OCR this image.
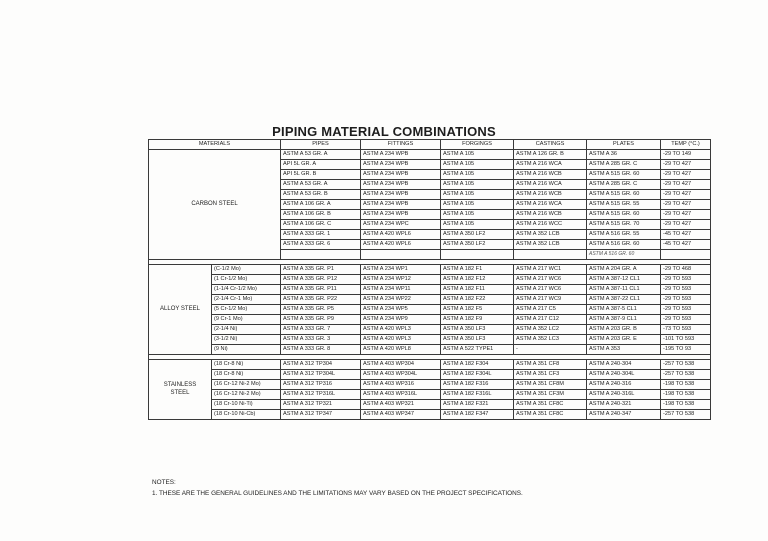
PIPING MATERIAL COMBINATIONS
MATERIALS		PIPES	FITTINGS	FORGINGS	CASTINGS	PLATES	TEMP (°C.)
CARBON STEEL		ASTM A 53 GR. A	ASTM A 234 WPB	ASTM A 105	ASTM A 126 GR. B	ASTM A 36	-29 TO 149
		API 5L GR. A	ASTM A 234 WPB	ASTM A 105	ASTM A 216 WCA	ASTM A 285 GR. C	-29 TO 427
		API 5L GR. B	ASTM A 234 WPB	ASTM A 105	ASTM A 216 WCB	ASTM A 515 GR. 60	-29 TO 427
		ASTM A 53 GR. A	ASTM A 234 WPB	ASTM A 105	ASTM A 216 WCA	ASTM A 285 GR. C	-29 TO 427
		ASTM A 53 GR. B	ASTM A 234 WPB	ASTM A 105	ASTM A 216 WCB	ASTM A 515 GR. 60	-29 TO 427
		ASTM A 106 GR. A	ASTM A 234 WPB	ASTM A 105	ASTM A 216 WCA	ASTM A 515 GR. 55	-29 TO 427
		ASTM A 106 GR. B	ASTM A 234 WPB	ASTM A 105	ASTM A 216 WCB	ASTM A 515 GR. 60	-29 TO 427
		ASTM A 106 GR. C	ASTM A 234 WPC	ASTM A 105	ASTM A 216 WCC	ASTM A 515 GR. 70	-29 TO 427
		ASTM A 333 GR. 1	ASTM A 420 WPL6	ASTM A 350 LF2	ASTM A 352 LCB	ASTM A 516 GR. 55	-45 TO 427
		ASTM A 333 GR. 6	ASTM A 420 WPL6	ASTM A 350 LF2	ASTM A 352 LCB	ASTM A 516 GR. 60	-45 TO 427
						ASTM A 516 GR. 60	

ALLOY STEEL	(C-1/2 Mo)	ASTM A 335 GR. P1	ASTM A 234 WP1	ASTM A 182 F1	ASTM A 217 WC1	ASTM A 204 GR. A	-29 TO 468
	(1 Cr-1/2 Mo)	ASTM A 335 GR. P12	ASTM A 234 WP12	ASTM A 182 F12	ASTM A 217 WC6	ASTM A 387-12 CL1	-29 TO 593
	(1-1/4 Cr-1/2 Mo)	ASTM A 335 GR. P11	ASTM A 234 WP11	ASTM A 182 F11	ASTM A 217 WC6	ASTM A 387-11 CL1	-29 TO 593
	(2-1/4 Cr-1 Mo)	ASTM A 335 GR. P22	ASTM A 234 WP22	ASTM A 182 F22	ASTM A 217 WC9	ASTM A 387-22 CL1	-29 TO 593
	(5 Cr-1/2 Mo)	ASTM A 335 GR. P5	ASTM A 234 WP5	ASTM A 182 F5	ASTM A 217 C5	ASTM A 387-5 CL1	-29 TO 593
	(9 Cr-1 Mo)	ASTM A 335 GR. P9	ASTM A 234 WP9	ASTM A 182 F9	ASTM A 217 C12	ASTM A 387-9 CL1	-29 TO 593
	(2-1/4 Ni)	ASTM A 333 GR. 7	ASTM A 420 WPL3	ASTM A 350 LF3	ASTM A 352 LC2	ASTM A 203 GR. B	-73 TO 593
	(3-1/2 Ni)	ASTM A 333 GR. 3	ASTM A 420 WPL3	ASTM A 350 LF3	ASTM A 352 LC3	ASTM A 203 GR. E	-101 TO 593
	(9 Ni)	ASTM A 333 GR. 8	ASTM A 420 WPL8	ASTM A 522 TYPE1	-	ASTM A 353	-195 TO 93

STAINLESS
STEEL	(18 Cr-8 Ni)	ASTM A 312 TP304	ASTM A 403 WP304	ASTM A 182 F304	ASTM A 351 CF8	ASTM A 240-304	-257 TO 538
	(18 Cr-8 Ni)	ASTM A 312 TP304L	ASTM A 403 WP304L	ASTM A 182 F304L	ASTM A 351 CF3	ASTM A 240-304L	-257 TO 538
	(16 Cr-12 Ni-2 Mo)	ASTM A 312 TP316	ASTM A 403 WP316	ASTM A 182 F316	ASTM A 351 CF8M	ASTM A 240-316	-198 TO 538
	(16 Cr-12 Ni-2 Mo)	ASTM A 312 TP316L	ASTM A 403 WP316L	ASTM A 182 F316L	ASTM A 351 CF3M	ASTM A 240-316L	-198 TO 538
	(18 Cr-10 Ni-Ti)	ASTM A 312 TP321	ASTM A 403 WP321	ASTM A 182 F321	ASTM A 351 CF8C	ASTM A 240-321	-198 TO 538
	(18 Cr-10 Ni-Cb)	ASTM A 312 TP347	ASTM A 403 WP347	ASTM A 182 F347	ASTM A 351 CF8C	ASTM A 240-347	-257 TO 538
NOTES:
1. THESE ARE THE GENERAL GUIDELINES AND THE LIMITATIONS MAY VARY BASED ON THE PROJECT SPECIFICATIONS.
